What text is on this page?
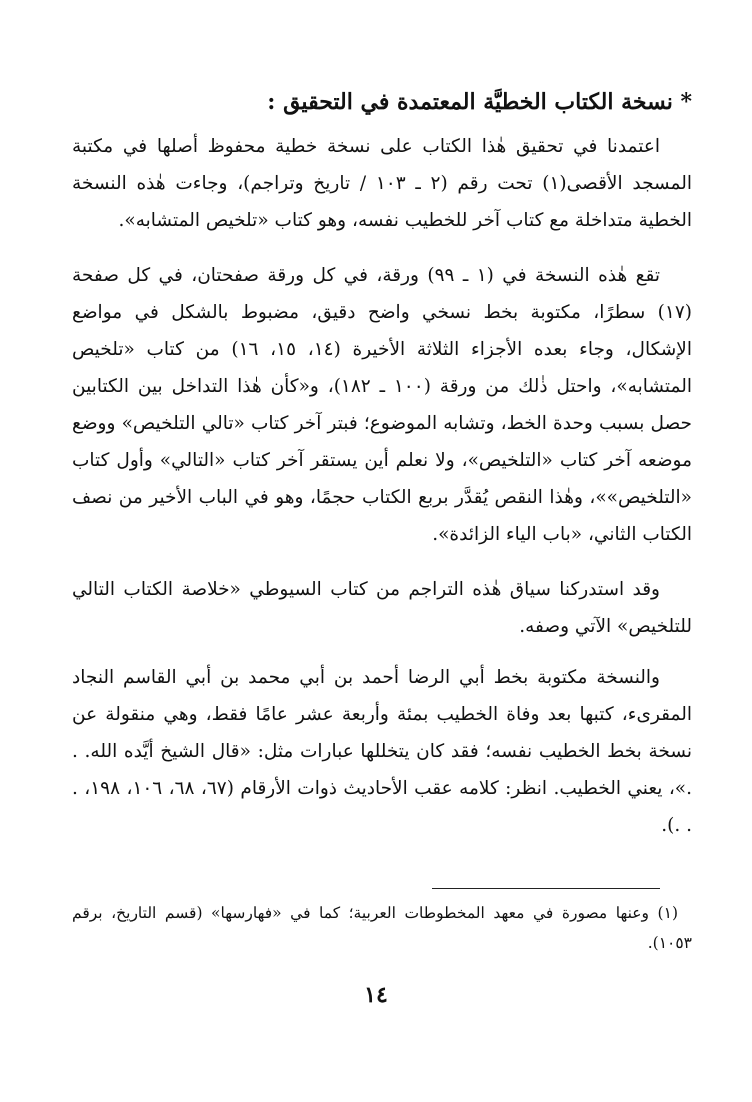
* نسخة الكتاب الخطيَّة المعتمدة في التحقيق :

اعتمدنا في تحقيق هٰذا الكتاب على نسخة خطية محفوظ أصلها في مكتبة المسجد الأقصى(١) تحت رقم (٢ ـ ١٠٣ / تاريخ وتراجم)، وجاءت هٰذه النسخة الخطية متداخلة مع كتاب آخر للخطيب نفسه، وهو كتاب «تلخيص المتشابه».

تقع هٰذه النسخة في (١ ـ ٩٩) ورقة، في كل ورقة صفحتان، في كل صفحة (١٧) سطرًا، مكتوبة بخط نسخي واضح دقيق، مضبوط بالشكل في مواضع الإشكال، وجاء بعده الأجزاء الثلاثة الأخيرة (١٤، ١٥، ١٦) من كتاب «تلخيص المتشابه»، واحتل ذٰلك من ورقة (١٠٠ ـ ١٨٢)، و«كأن هٰذا التداخل بين الكتابين حصل بسبب وحدة الخط، وتشابه الموضوع؛ فبتر آخر كتاب «تالي التلخيص» ووضع موضعه آخر كتاب «التلخيص»، ولا نعلم أين يستقر آخر كتاب «التالي» وأول كتاب «التلخيص»»، وهٰذا النقص يُقدَّر بربع الكتاب حجمًا، وهو في الباب الأخير من نصف الكتاب الثاني، «باب الياء الزائدة».

وقد استدركنا سياق هٰذه التراجم من كتاب السيوطي «خلاصة الكتاب التالي للتلخيص» الآتي وصفه.

والنسخة مكتوبة بخط أبي الرضا أحمد بن أبي محمد بن أبي القاسم النجاد المقرىء، كتبها بعد وفاة الخطيب بمئة وأربعة عشر عامًا فقط، وهي منقولة عن نسخة بخط الخطيب نفسه؛ فقد كان يتخللها عبارات مثل: «قال الشيخ أيَّده الله. . .»، يعني الخطيب. انظر: كلامه عقب الأحاديث ذوات الأرقام (٦٧، ٦٨، ١٠٦، ١٩٨، . . .).

(١) وعنها مصورة في معهد المخطوطات العربية؛ كما في «فهارسها» (قسم التاريخ، برقم ١٠٥٣).
١٤
